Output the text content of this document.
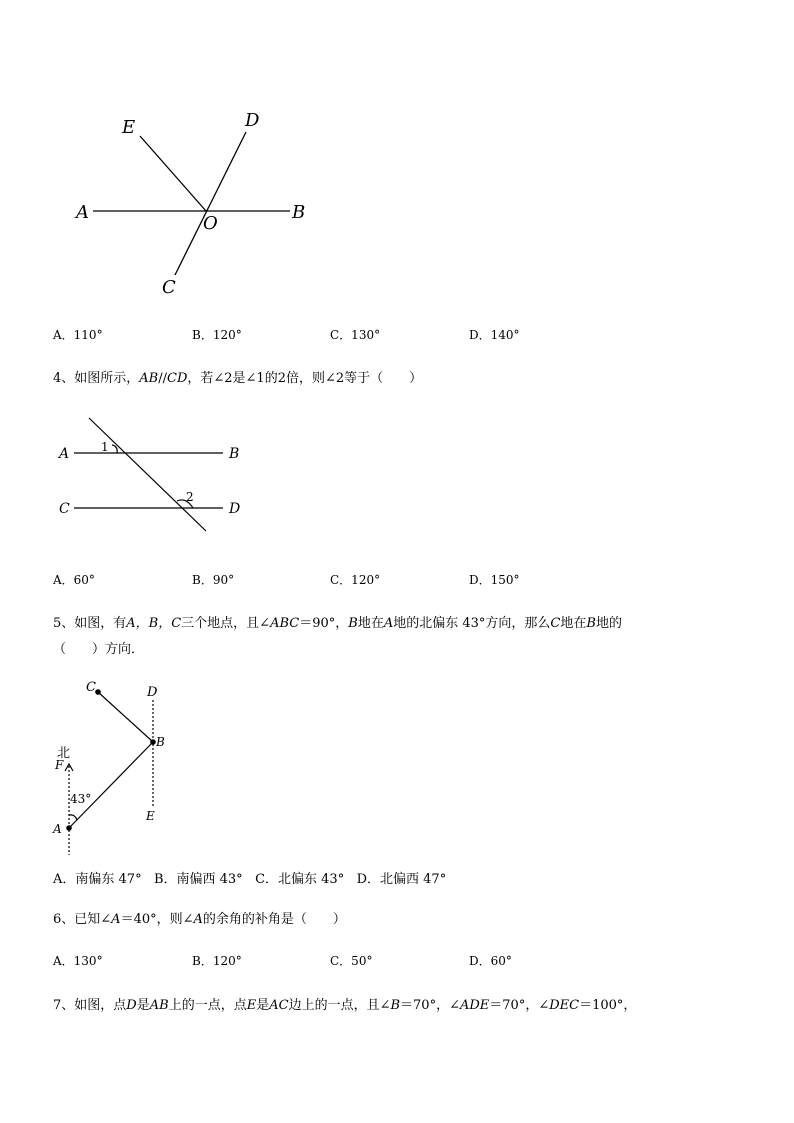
E	D
A
O
B
C
A．110°	B．120°	C．130°	D．140°
4、如图所示，AB//CD，若∠2是∠1的2倍，则∠2等于（　　）
A	1	B
C
2
D
A．60°	B．90°	C．120°	D．150°
5、如图，有A，B，C三个地点，且∠ABC＝90°，B地在A地的北偏东 43°方向，那么C地在B地的
（　　）方向．
C	D
B
北
F
43°
A
E
A．南偏东 47°   B．南偏西 43°   C．北偏东 43°   D．北偏西 47°
6、已知∠A＝40°，则∠A的余角的补角是（　　）
A．130°	B．120°	C．50°	D．60°
7、如图，点D是AB上的一点，点E是AC边上的一点，且∠B＝70°，∠ADE＝70°，∠DEC＝100°，
